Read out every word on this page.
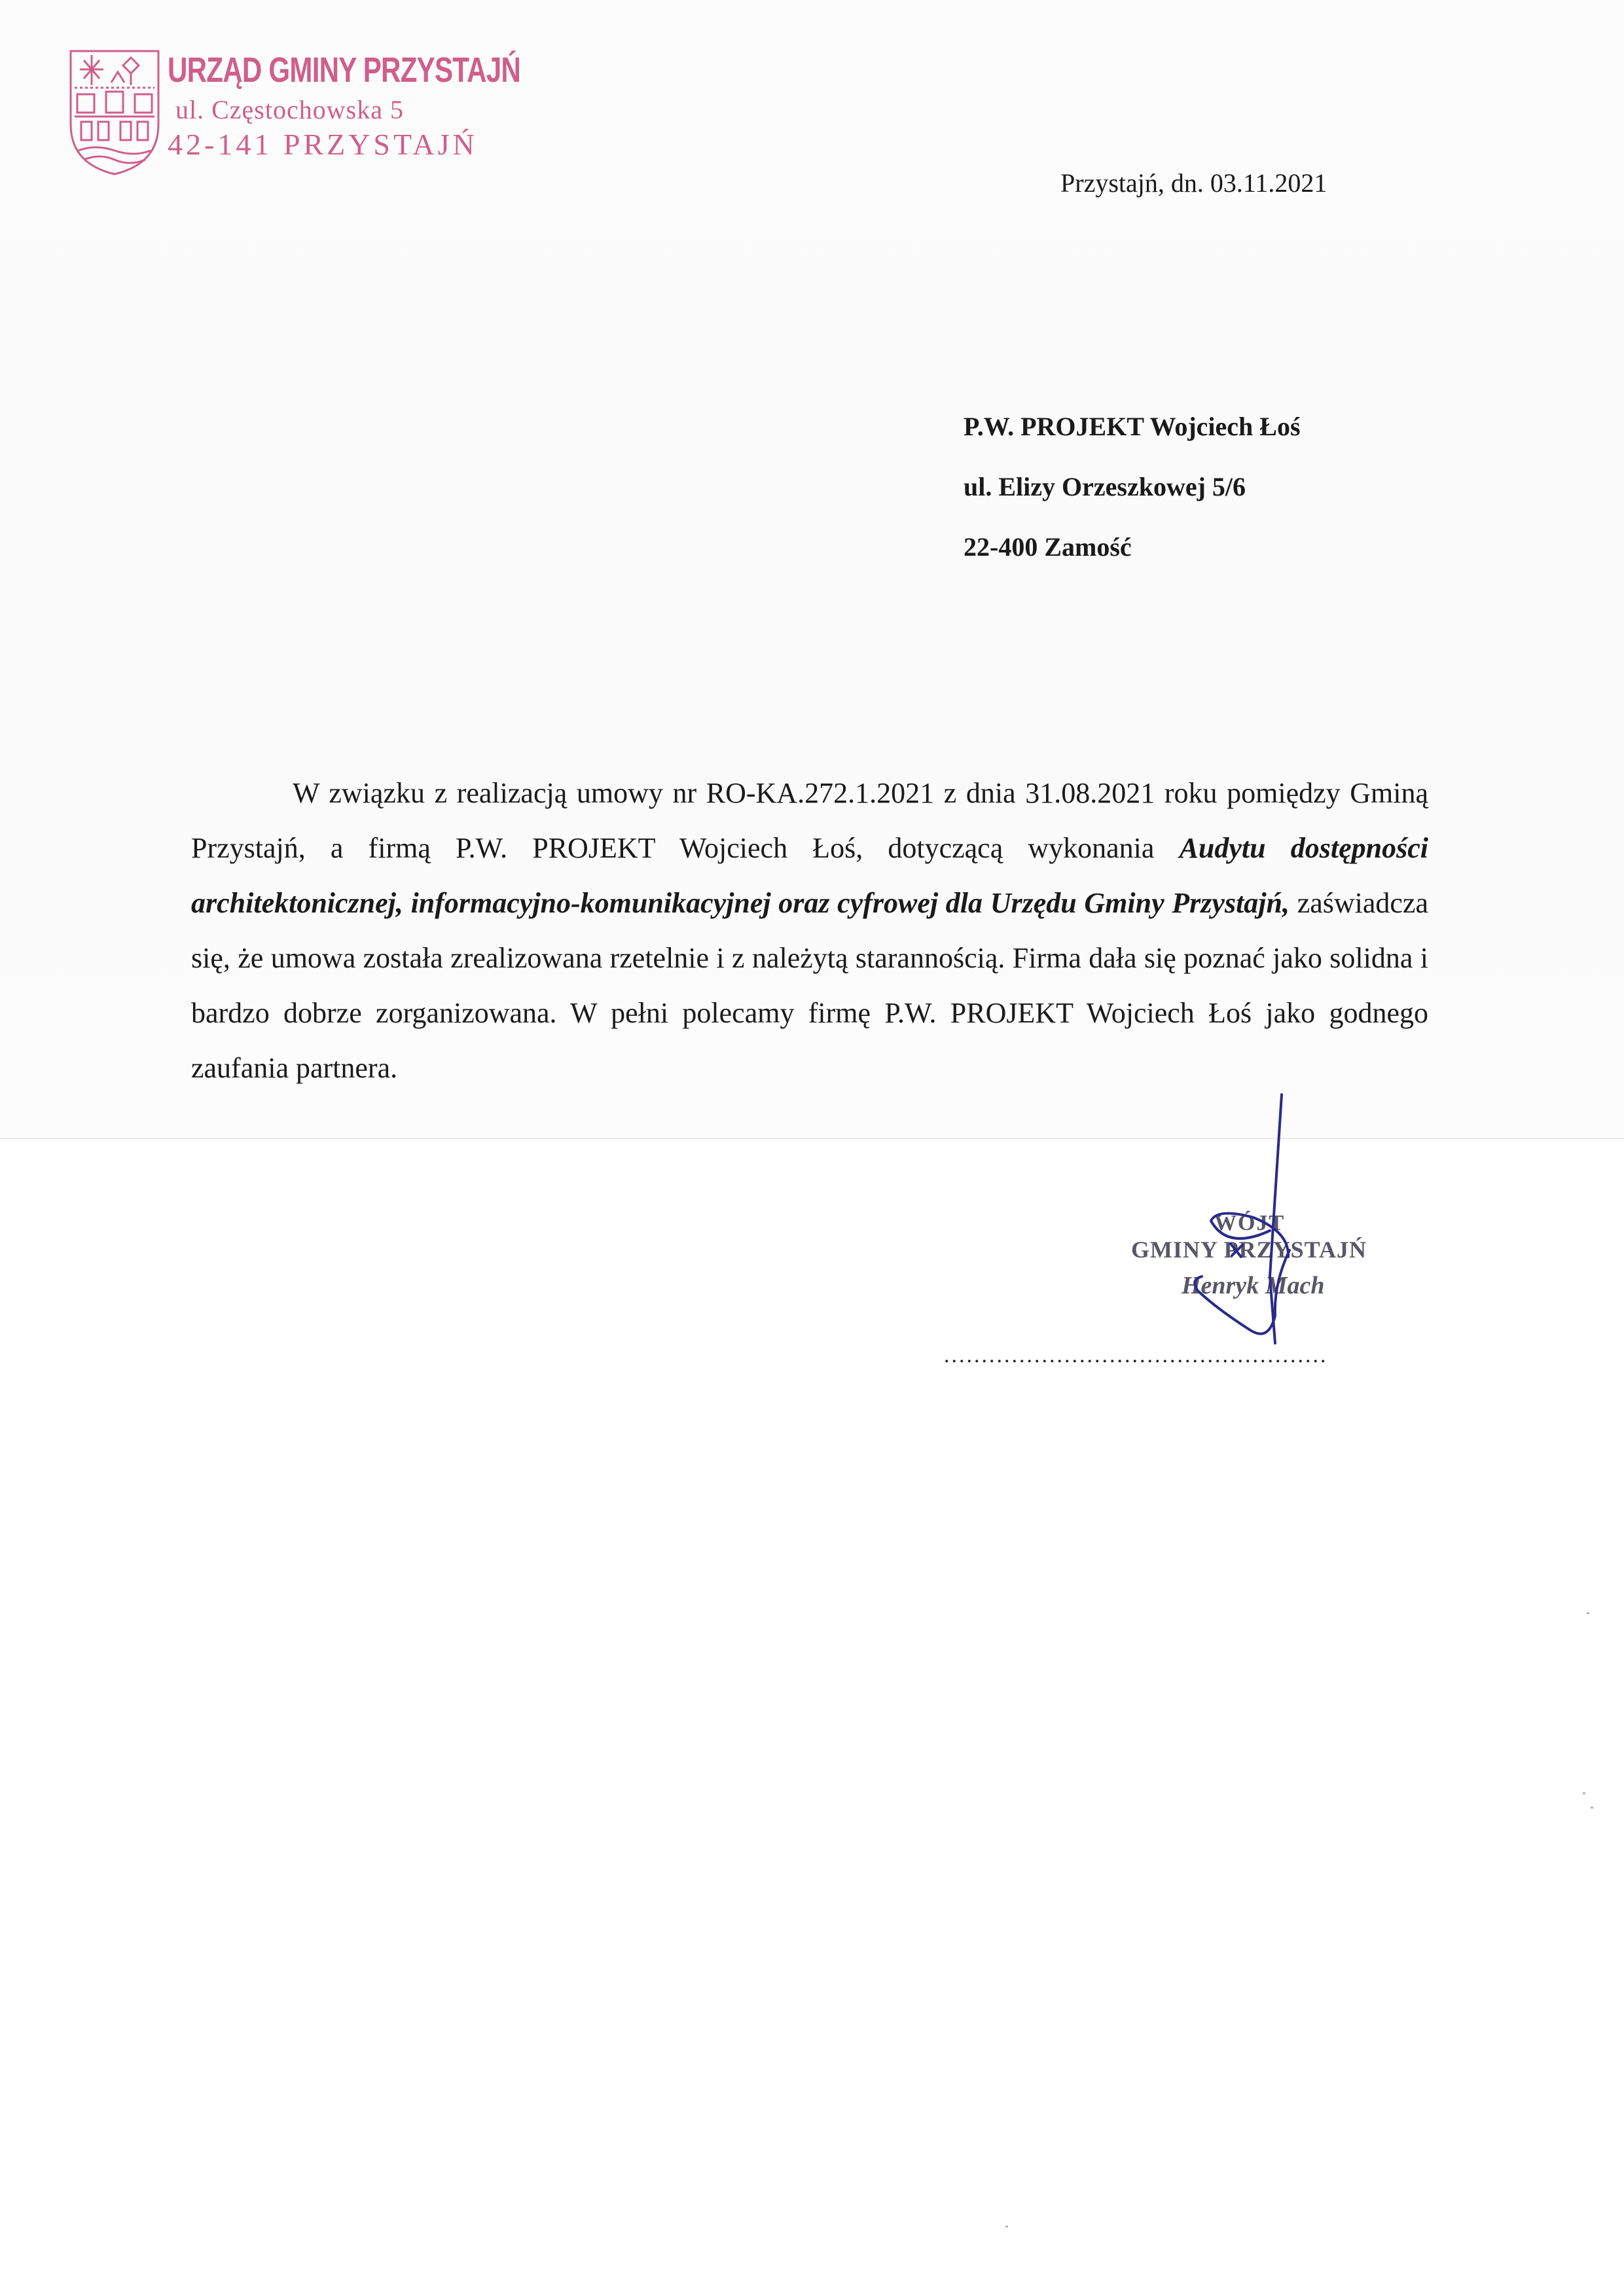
URZĄD GMINY PRZYSTAJŃ
ul. Częstochowska 5
42-141 PRZYSTAJŃ
Przystajń, dn. 03.11.2021
P.W. PROJEKT Wojciech Łoś
ul. Elizy Orzeszkowej 5/6
22-400 Zamość

W związku z realizacją umowy nr RO-KA.272.1.2021 z dnia 31.08.2021 roku pomiędzy Gminą Przystajń, a firmą P.W. PROJEKT Wojciech Łoś, dotyczącą wykonania Audytu dostępności architektonicznej, informacyjno-komunikacyjnej oraz cyfrowej dla Urzędu Gminy Przystajń, zaświadcza się, że umowa została zrealizowana rzetelnie i z należytą starannością. Firma dała się poznać jako solidna i bardzo dobrze zorganizowana. W pełni polecamy firmę P.W. PROJEKT Wojciech Łoś jako godnego zaufania partnera.

WÓJT
GMINY PRZYSTAJŃ
Henryk Mach
...................................................
